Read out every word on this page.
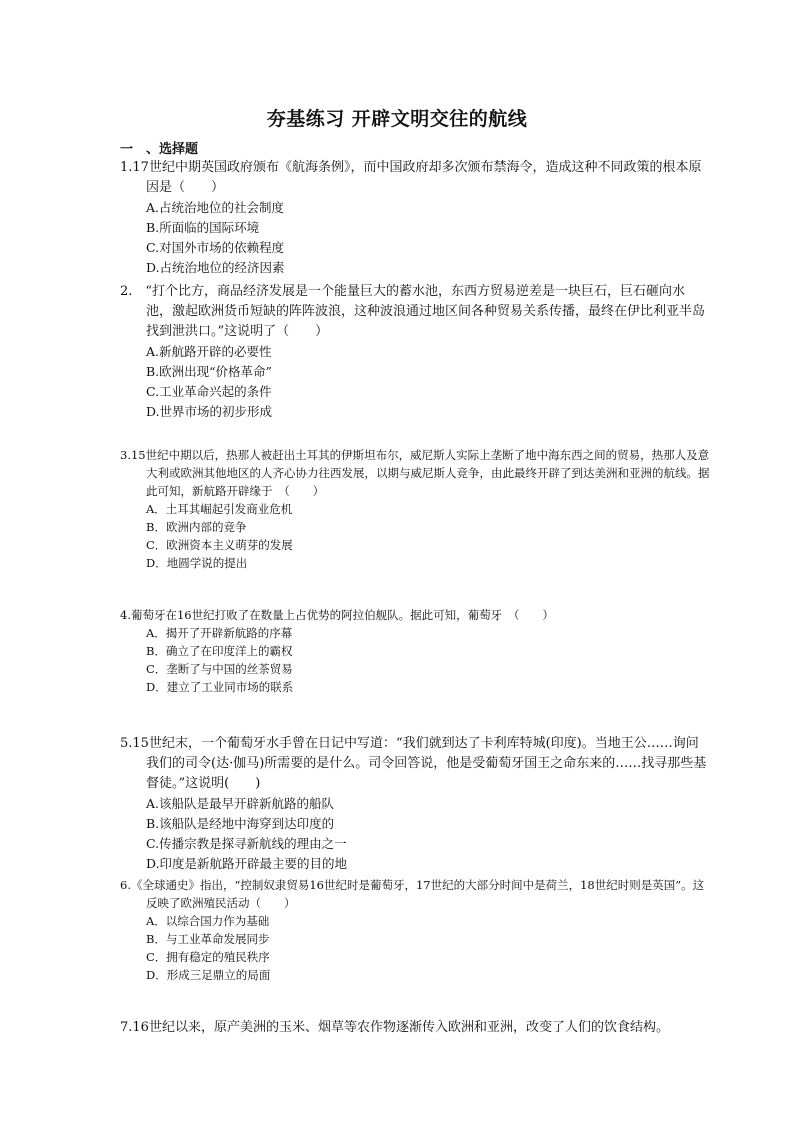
夯基练习 开辟文明交往的航线
一　、选择题
1.17世纪中期英国政府颁布《航海条例》，而中国政府却多次颁布禁海令，造成这种不同政策的根本原因是（　　）
A.占统治地位的社会制度
B.所面临的国际环境
C.对国外市场的依赖程度
D.占统治地位的经济因素
2.　“打个比方，商品经济发展是一个能量巨大的蓄水池，东西方贸易逆差是一块巨石，巨石砸向水池，激起欧洲货币短缺的阵阵波浪，这种波浪通过地区间各种贸易关系传播，最终在伊比利亚半岛找到泄洪口。”这说明了（　　）
A.新航路开辟的必要性
B.欧洲出现“价格革命”
C.工业革命兴起的条件
D.世界市场的初步形成
3.15世纪中期以后，热那人被赶出土耳其的伊斯坦布尔，威尼斯人实际上垄断了地中海东西之间的贸易，热那人及意大利或欧洲其他地区的人齐心协力往西发展，以期与威尼斯人竞争，由此最终开辟了到达美洲和亚洲的航线。据此可知，新航路开辟缘于　（　　）
A．土耳其崛起引发商业危机
B．欧洲内部的竞争
C．欧洲资本主义萌芽的发展
D．地圆学说的提出
4.葡萄牙在16世纪打败了在数量上占优势的阿拉伯舰队。据此可知，葡萄牙　（　　）
A．揭开了开辟新航路的序幕
B．确立了在印度洋上的霸权
C．垄断了与中国的丝茶贸易
D．建立了工业同市场的联系
5.15世纪末，一个葡萄牙水手曾在日记中写道：“我们就到达了卡利库特城(印度)。当地王公……询问我们的司令(达·伽马)所需要的是什么。司令回答说，他是受葡萄牙国王之命东来的……找寻那些基督徒。”这说明(　　)
A.该船队是最早开辟新航路的船队
B.该船队是经地中海穿到达印度的
C.传播宗教是探寻新航线的理由之一
D.印度是新航路开辟最主要的目的地
6.《全球通史》指出，“控制奴隶贸易16世纪时是葡萄牙，17世纪的大部分时间中是荷兰，18世纪时则是英国”。这反映了欧洲殖民活动（　　）
A．以综合国力作为基础
B．与工业革命发展同步
C．拥有稳定的殖民秩序
D．形成三足鼎立的局面
7.16世纪以来，原产美洲的玉米、烟草等农作物逐渐传入欧洲和亚洲，改变了人们的饮食结构。
